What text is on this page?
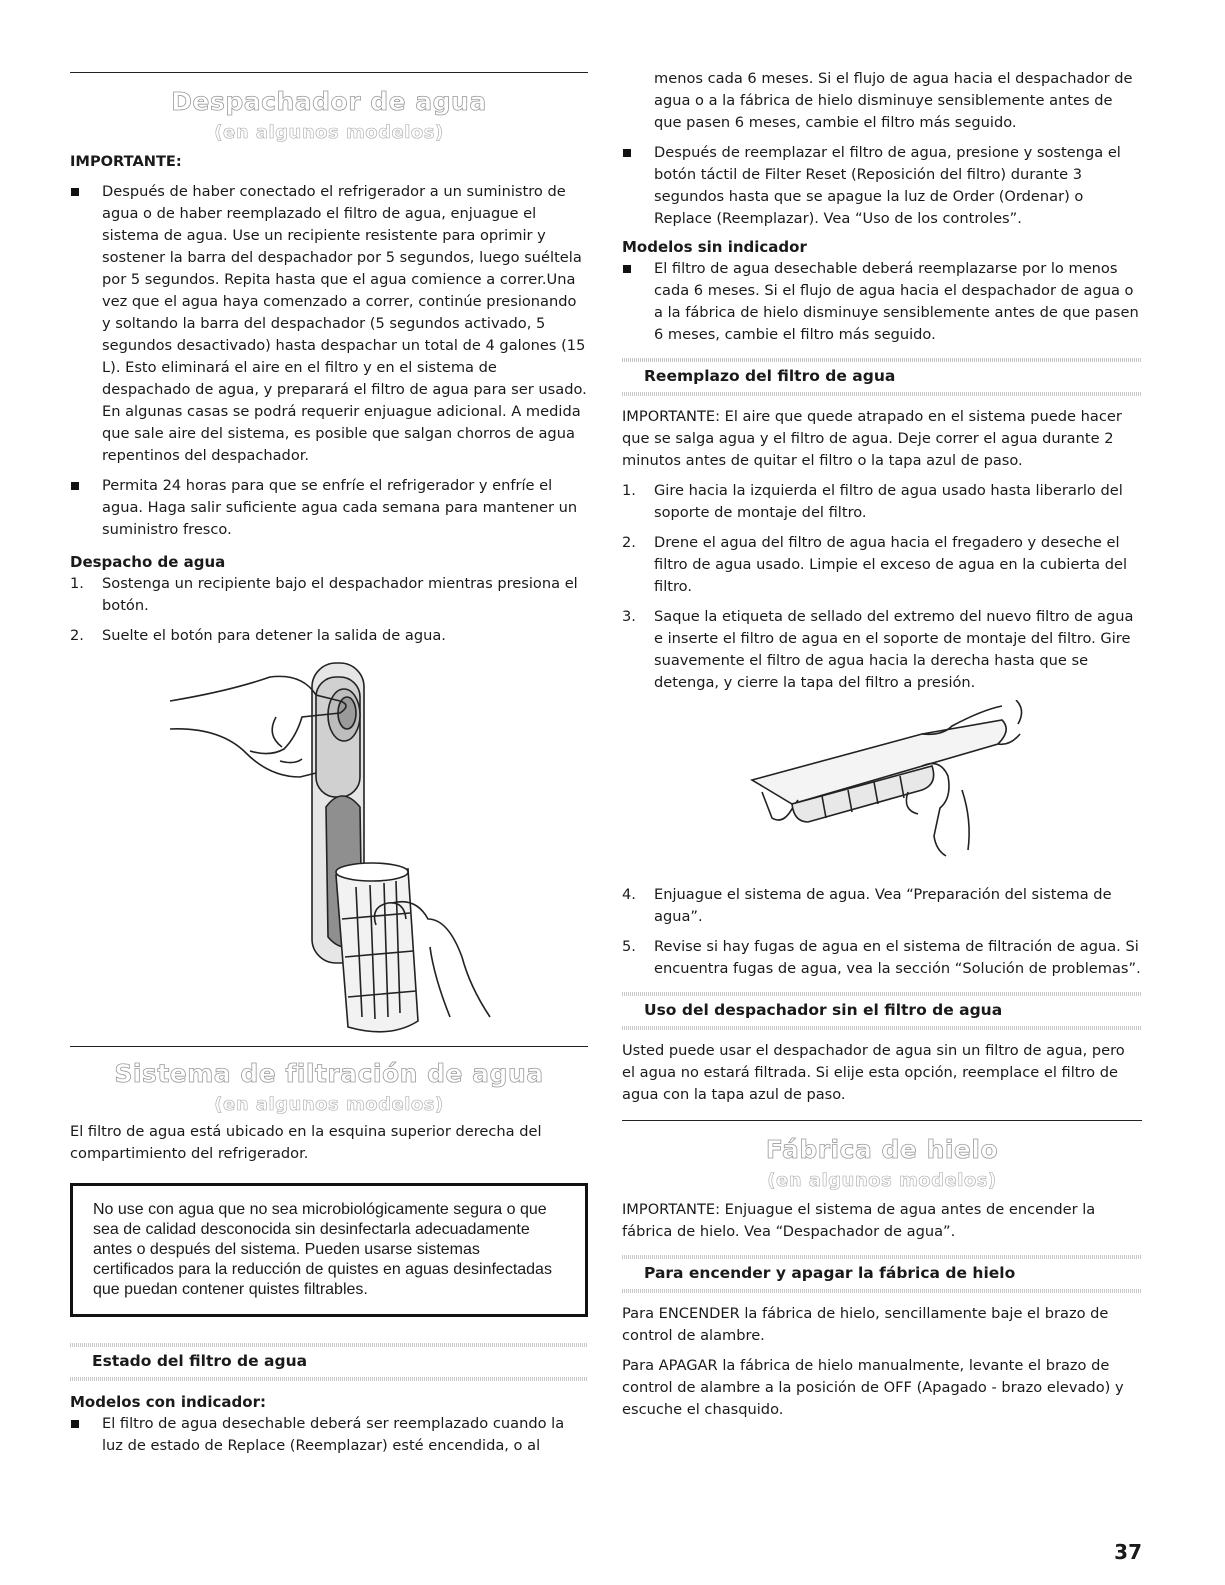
Despachador de agua
(en algunos modelos)
IMPORTANTE:
Después de haber conectado el refrigerador a un suministro de agua o de haber reemplazado el filtro de agua, enjuague el sistema de agua. Use un recipiente resistente para oprimir y sostener la barra del despachador por 5 segundos, luego suéltela por 5 segundos. Repita hasta que el agua comience a correr.Una vez que el agua haya comenzado a correr, continúe presionando y soltando la barra del despachador (5 segundos activado, 5 segundos desactivado) hasta despachar un total de 4 galones (15 L). Esto eliminará el aire en el filtro y en el sistema de despachado de agua, y preparará el filtro de agua para ser usado. En algunas casas se podrá requerir enjuague adicional. A medida que sale aire del sistema, es posible que salgan chorros de agua repentinos del despachador.
Permita 24 horas para que se enfríe el refrigerador y enfríe el agua. Haga salir suficiente agua cada semana para mantener un suministro fresco.
Despacho de agua
1. Sostenga un recipiente bajo el despachador mientras presiona el botón.
2. Suelte el botón para detener la salida de agua.
Sistema de filtración de agua
(en algunos modelos)

El filtro de agua está ubicado en la esquina superior derecha del compartimiento del refrigerador.

No use con agua que no sea microbiológicamente segura o que sea de calidad desconocida sin desinfectarla adecuadamente antes o después del sistema. Pueden usarse sistemas certificados para la reducción de quistes en aguas desinfectadas que puedan contener quistes filtrables.

Estado del filtro de agua
Modelos con indicador:
El filtro de agua desechable deberá ser reemplazado cuando la luz de estado de Replace (Reemplazar) esté encendida, o al

menos cada 6 meses. Si el flujo de agua hacia el despachador de agua o a la fábrica de hielo disminuye sensiblemente antes de que pasen 6 meses, cambie el filtro más seguido.

Después de reemplazar el filtro de agua, presione y sostenga el botón táctil de Filter Reset (Reposición del filtro) durante 3 segundos hasta que se apague la luz de Order (Ordenar) o Replace (Reemplazar). Vea “Uso de los controles”.
Modelos sin indicador
El filtro de agua desechable deberá reemplazarse por lo menos cada 6 meses. Si el flujo de agua hacia el despachador de agua o a la fábrica de hielo disminuye sensiblemente antes de que pasen 6 meses, cambie el filtro más seguido.
Reemplazo del filtro de agua

IMPORTANTE: El aire que quede atrapado en el sistema puede hacer que se salga agua y el filtro de agua. Deje correr el agua durante 2 minutos antes de quitar el filtro o la tapa azul de paso.

1. Gire hacia la izquierda el filtro de agua usado hasta liberarlo del soporte de montaje del filtro.
2. Drene el agua del filtro de agua hacia el fregadero y deseche el filtro de agua usado. Limpie el exceso de agua en la cubierta del filtro.
3. Saque la etiqueta de sellado del extremo del nuevo filtro de agua e inserte el filtro de agua en el soporte de montaje del filtro. Gire suavemente el filtro de agua hacia la derecha hasta que se detenga, y cierre la tapa del filtro a presión.
4. Enjuague el sistema de agua. Vea “Preparación del sistema de agua”.
5. Revise si hay fugas de agua en el sistema de filtración de agua. Si encuentra fugas de agua, vea la sección “Solución de problemas”.
Uso del despachador sin el filtro de agua

Usted puede usar el despachador de agua sin un filtro de agua, pero el agua no estará filtrada. Si elije esta opción, reemplace el filtro de agua con la tapa azul de paso.

Fábrica de hielo
(en algunos modelos)

IMPORTANTE: Enjuague el sistema de agua antes de encender la fábrica de hielo. Vea “Despachador de agua”.

Para encender y apagar la fábrica de hielo

Para ENCENDER la fábrica de hielo, sencillamente baje el brazo de control de alambre.

Para APAGAR la fábrica de hielo manualmente, levante el brazo de control de alambre a la posición de OFF (Apagado - brazo elevado) y escuche el chasquido.

37
